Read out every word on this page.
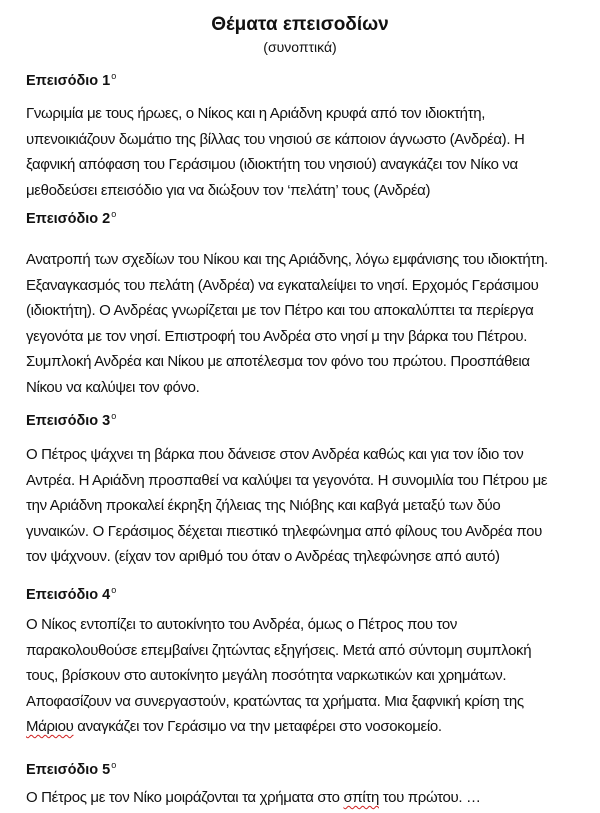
Θέματα επεισοδίων
(συνοπτικά)
Επεισόδιο $1^o$
Γνωριμία με τους ήρωες, ο Νίκος και η Αριάδνη κρυφά από τον ιδιοκτήτη,
υπενοικιάζουν δωμάτιο της βίλλας του νησιού σε κάποιον άγνωστο (Ανδρέα). Η
ξαφνική απόφαση του Γεράσιμου (ιδιοκτήτη του νησιού) αναγκάζει τον Νίκο να
μεθοδεύσει επεισόδιο για να διώξουν τον ‘πελάτη’ τους (Ανδρέα)
Επεισόδιο $2^o$
Ανατροπή των σχεδίων του Νίκου και της Αριάδνης, λόγω εμφάνισης του ιδιοκτήτη.
Εξαναγκασμός του πελάτη (Ανδρέα) να εγκαταλείψει το νησί. Ερχομός Γεράσιμου
(ιδιοκτήτη). Ο Ανδρέας γνωρίζεται με τον Πέτρο και του αποκαλύπτει τα περίεργα
γεγονότα με τον νησί. Επιστροφή του Ανδρέα στο νησί μ την βάρκα του Πέτρου.
Συμπλοκή Ανδρέα και Νίκου με αποτέλεσμα τον φόνο του πρώτου. Προσπάθεια
Νίκου να καλύψει τον φόνο.
Επεισόδιο $3^o$
Ο Πέτρος ψάχνει τη βάρκα που δάνεισε στον Ανδρέα καθώς και για τον ίδιο τον
Αντρέα. Η Αριάδνη προσπαθεί να καλύψει τα γεγονότα. Η συνομιλία του Πέτρου με
την Αριάδνη προκαλεί έκρηξη ζήλειας της Νιόβης και καβγά μεταξύ των δύο
γυναικών. Ο Γεράσιμος δέχεται πιεστικό τηλεφώνημα από φίλους του Ανδρέα που
τον ψάχνουν. (είχαν τον αριθμό του όταν ο Ανδρέας τηλεφώνησε από αυτό)
Επεισόδιο $4^o$
Ο Νίκος εντοπίζει το αυτοκίνητο του Ανδρέα, όμως ο Πέτρος που τον
παρακολουθούσε επεμβαίνει ζητώντας εξηγήσεις. Μετά από σύντομη συμπλοκή
τους, βρίσκουν στο αυτοκίνητο μεγάλη ποσότητα ναρκωτικών και χρημάτων.
Αποφασίζουν να συνεργαστούν, κρατώντας τα χρήματα. Μια ξαφνική κρίση της
Μάριου αναγκάζει τον Γεράσιμο να την μεταφέρει στο νοσοκομείο.
Επεισόδιο $5^o$
Ο Πέτρος με τον Νίκο μοιράζονται τα χρήματα στο σπίτη του πρώτου. …
